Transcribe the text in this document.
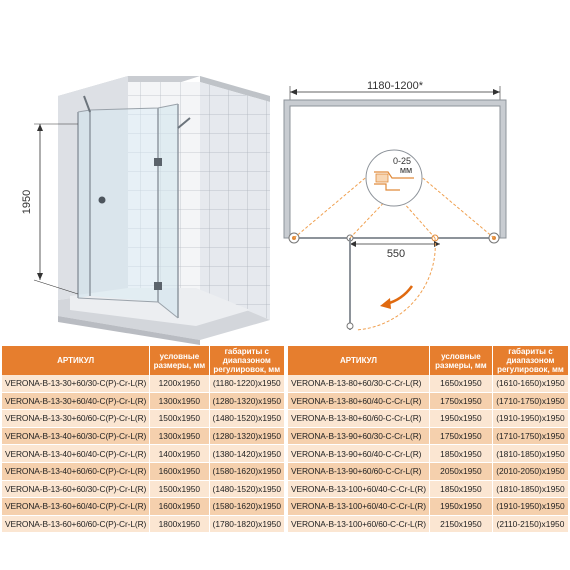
1950
1180-1200*
0-25
мм
550
АРТИКУЛ	условные размеры, мм	габариты с диапазоном регулировок, мм
VERONA-B-13-30+60/30-C(P)-Cr-L(R)	1200x1950	(1180-1220)x1950
VERONA-B-13-30+60/40-C(P)-Cr-L(R)	1300x1950	(1280-1320)x1950
VERONA-B-13-30+60/60-C(P)-Cr-L(R)	1500x1950	(1480-1520)x1950
VERONA-B-13-40+60/30-C(P)-Cr-L(R)	1300x1950	(1280-1320)x1950
VERONA-B-13-40+60/40-C(P)-Cr-L(R)	1400x1950	(1380-1420)x1950
VERONA-B-13-40+60/60-C(P)-Cr-L(R)	1600x1950	(1580-1620)x1950
VERONA-B-13-60+60/30-C(P)-Cr-L(R)	1500x1950	(1480-1520)x1950
VERONA-B-13-60+60/40-C(P)-Cr-L(R)	1600x1950	(1580-1620)x1950
VERONA-B-13-60+60/60-C(P)-Cr-L(R)	1800x1950	(1780-1820)x1950
АРТИКУЛ	условные размеры, мм	габариты с диапазоном регулировок, мм
VERONA-B-13-80+60/30-C-Cr-L(R)	1650x1950	(1610-1650)x1950
VERONA-B-13-80+60/40-C-Cr-L(R)	1750x1950	(1710-1750)x1950
VERONA-B-13-80+60/60-C-Cr-L(R)	1950x1950	(1910-1950)x1950
VERONA-B-13-90+60/30-C-Cr-L(R)	1750x1950	(1710-1750)x1950
VERONA-B-13-90+60/40-C-Cr-L(R)	1850x1950	(1810-1850)x1950
VERONA-B-13-90+60/60-C-Cr-L(R)	2050x1950	(2010-2050)x1950
VERONA-B-13-100+60/40-C-Cr-L(R)	1850x1950	(1810-1850)x1950
VERONA-B-13-100+60/40-C-Cr-L(R)	1950x1950	(1910-1950)x1950
VERONA-B-13-100+60/60-C-Cr-L(R)	2150x1950	(2110-2150)x1950
